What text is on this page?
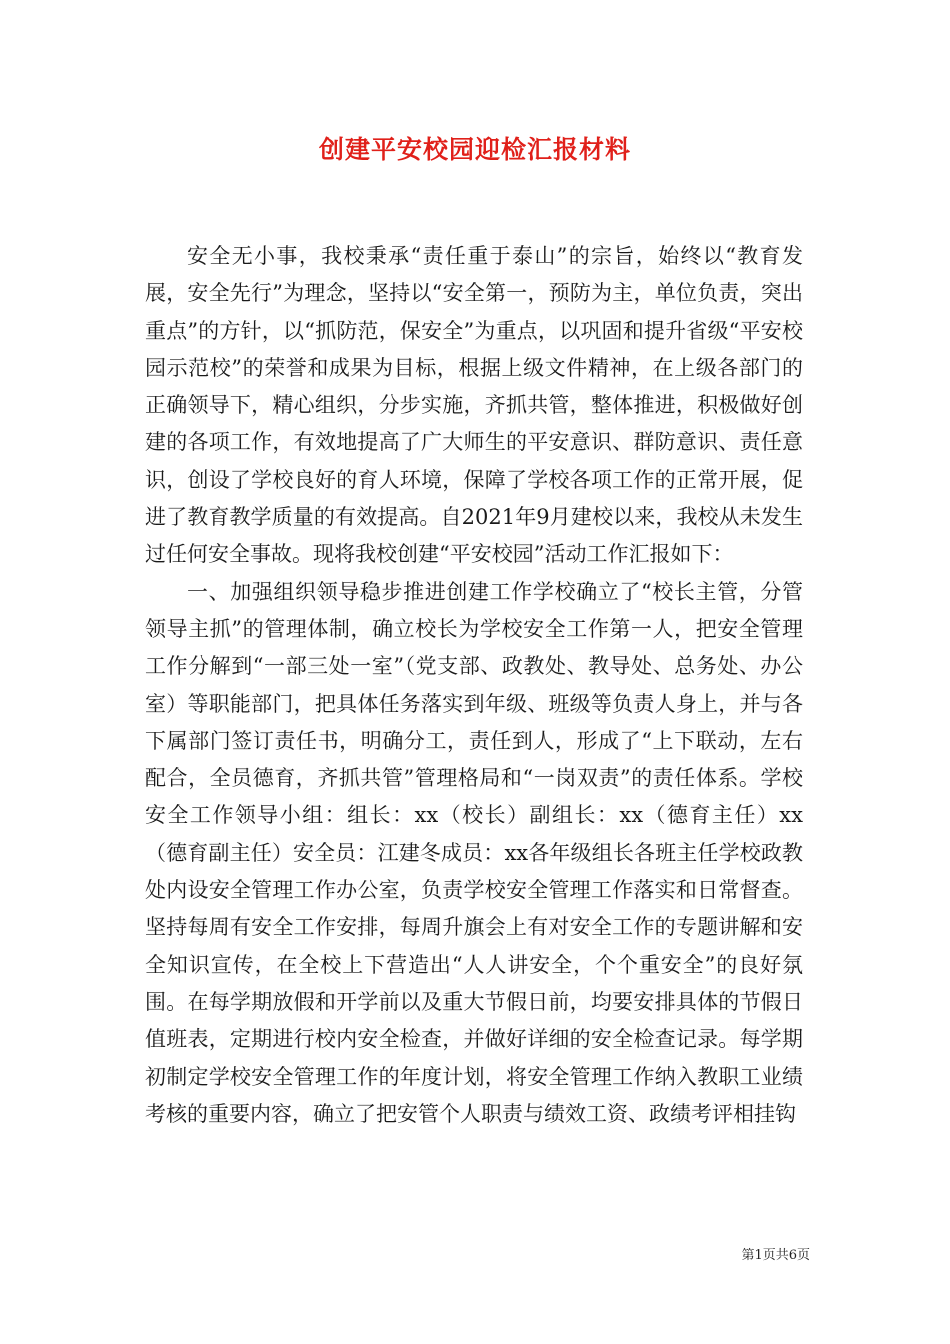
创建平安校园迎检汇报材料

安全无小事，我校秉承“责任重于泰山”的宗旨，始终以“教育发展，安全先行”为理念，坚持以“安全第一，预防为主，单位负责，突出重点”的方针，以“抓防范，保安全”为重点，以巩固和提升省级“平安校园示范校”的荣誉和成果为目标，根据上级文件精神，在上级各部门的正确领导下，精心组织，分步实施，齐抓共管，整体推进，积极做好创建的各项工作，有效地提高了广大师生的平安意识、群防意识、责任意识，创设了学校良好的育人环境，保障了学校各项工作的正常开展，促进了教育教学质量的有效提高。自2021年9月建校以来，我校从未发生过任何安全事故。现将我校创建“平安校园”活动工作汇报如下：

一、加强组织领导稳步推进创建工作学校确立了“校长主管，分管领导主抓”的管理体制，确立校长为学校安全工作第一人，把安全管理工作分解到“一部三处一室”（党支部、政教处、教导处、总务处、办公室）等职能部门，把具体任务落实到年级、班级等负责人身上，并与各下属部门签订责任书，明确分工，责任到人，形成了“上下联动，左右配合，全员德育，齐抓共管”管理格局和“一岗双责”的责任体系。学校安全工作领导小组：组长：xx（校长）副组长：xx（德育主任）xx（德育副主任）安全员：江建冬成员：xx各年级组长各班主任学校政教处内设安全管理工作办公室，负责学校安全管理工作落实和日常督查。坚持每周有安全工作安排，每周升旗会上有对安全工作的专题讲解和安全知识宣传，在全校上下营造出“人人讲安全，个个重安全”的良好氛围。在每学期放假和开学前以及重大节假日前，均要安排具体的节假日值班表，定期进行校内安全检查，并做好详细的安全检查记录。每学期初制定学校安全管理工作的年度计划，将安全管理工作纳入教职工业绩考核的重要内容，确立了把安管个人职责与绩效工资、政绩考评相挂钩

第1页共6页
